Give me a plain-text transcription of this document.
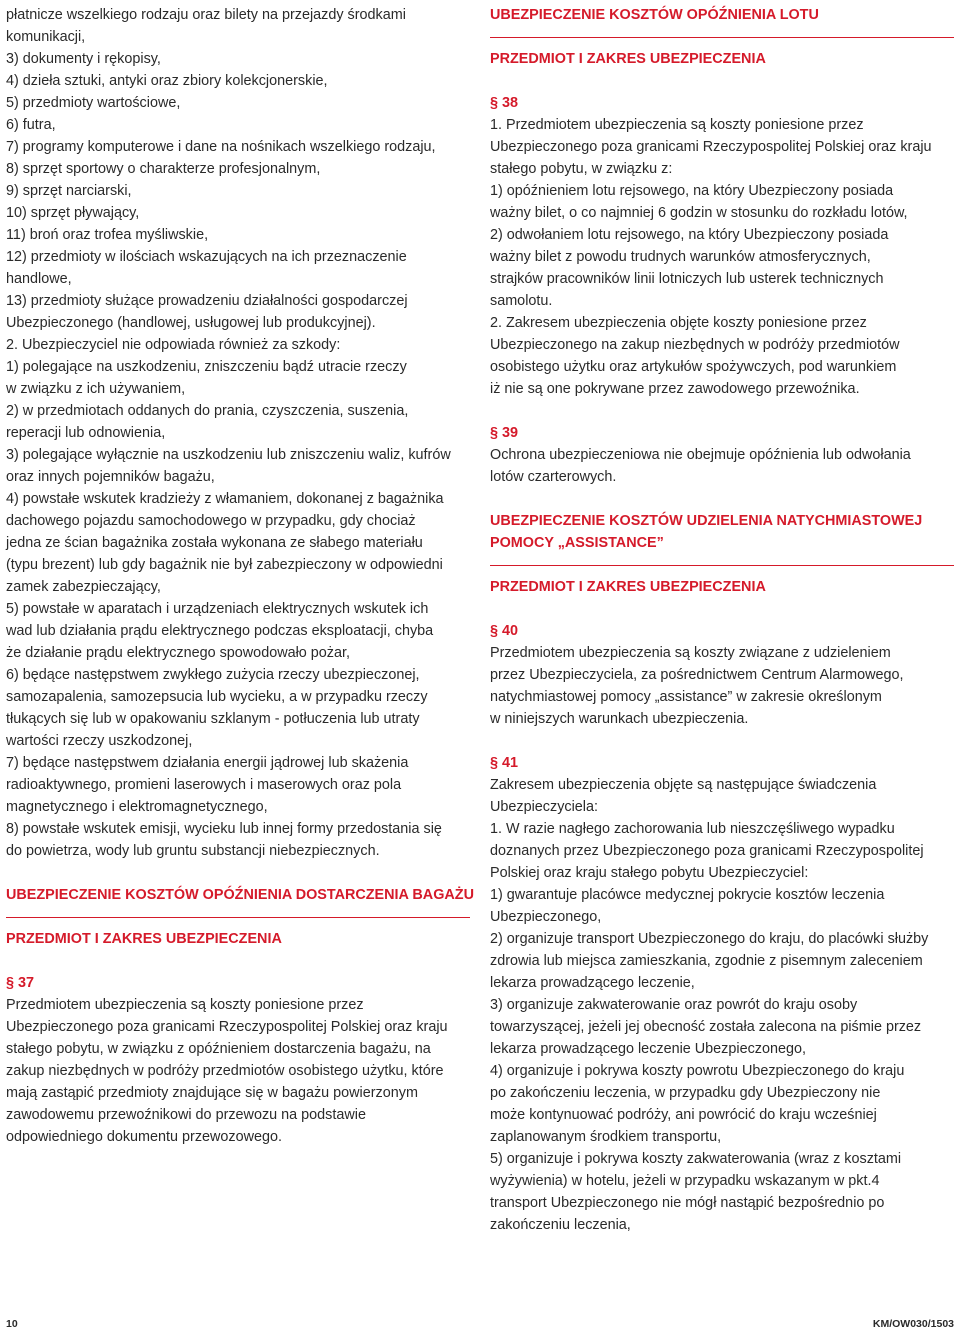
płatnicze wszelkiego rodzaju oraz bilety na przejazdy środkami
komunikacji,
3) dokumenty i rękopisy,
4) dzieła sztuki, antyki oraz zbiory kolekcjonerskie,
5) przedmioty wartościowe,
6) futra,
7) programy komputerowe i dane na nośnikach wszelkiego rodzaju,
8) sprzęt sportowy o charakterze profesjonalnym,
9) sprzęt narciarski,
10) sprzęt pływający,
11) broń oraz trofea myśliwskie,
12) przedmioty w ilościach wskazujących na ich przeznaczenie
handlowe,
13) przedmioty służące prowadzeniu działalności gospodarczej
Ubezpieczonego (handlowej, usługowej lub produkcyjnej).
2. Ubezpieczyciel nie odpowiada również za szkody:
1) polegające na uszkodzeniu, zniszczeniu bądź utracie rzeczy
w związku z ich używaniem,
2) w przedmiotach oddanych do prania, czyszczenia, suszenia,
reperacji lub odnowienia,
3) polegające wyłącznie na uszkodzeniu lub zniszczeniu waliz, kufrów
oraz innych pojemników bagażu,
4) powstałe wskutek kradzieży z włamaniem, dokonanej z bagażnika
dachowego pojazdu samochodowego w przypadku, gdy chociaż
jedna ze ścian bagażnika została wykonana ze słabego materiału
(typu brezent) lub gdy bagażnik nie był zabezpieczony w odpowiedni
zamek zabezpieczający,
5) powstałe w aparatach i urządzeniach elektrycznych wskutek ich
wad lub działania prądu elektrycznego podczas eksploatacji, chyba
że działanie prądu elektrycznego spowodowało pożar,
6) będące następstwem zwykłego zużycia rzeczy ubezpieczonej,
samozapalenia, samozepsucia lub wycieku, a w przypadku rzeczy
tłukących się lub w opakowaniu szklanym - potłuczenia lub utraty
wartości rzeczy uszkodzonej,
7) będące następstwem działania energii jądrowej lub skażenia
radioaktywnego, promieni laserowych i maserowych oraz pola
magnetycznego i elektromagnetycznego,
8) powstałe wskutek emisji, wycieku lub innej formy przedostania się
do powietrza, wody lub gruntu substancji niebezpiecznych.
UBEZPIECZENIE KOSZTÓW OPÓŹNIENIA DOSTARCZENIA BAGAŻU
PRZEDMIOT I ZAKRES UBEZPIECZENIA
§ 37
Przedmiotem ubezpieczenia są koszty poniesione przez
Ubezpieczonego poza granicami Rzeczypospolitej Polskiej oraz kraju
stałego pobytu, w związku z opóźnieniem dostarczenia bagażu, na
zakup niezbędnych w podróży przedmiotów osobistego użytku, które
mają zastąpić przedmioty znajdujące się w bagażu powierzonym
zawodowemu przewoźnikowi do przewozu na podstawie
odpowiedniego dokumentu przewozowego.
UBEZPIECZENIE KOSZTÓW OPÓŹNIENIA LOTU
PRZEDMIOT I ZAKRES UBEZPIECZENIA
§ 38
1. Przedmiotem ubezpieczenia są koszty poniesione przez
Ubezpieczonego poza granicami Rzeczypospolitej Polskiej oraz kraju
stałego pobytu, w związku z:
1) opóźnieniem lotu rejsowego, na który Ubezpieczony posiada
ważny bilet, o co najmniej 6 godzin w stosunku do rozkładu lotów,
2) odwołaniem lotu rejsowego, na który Ubezpieczony posiada
ważny bilet z powodu trudnych warunków atmosferycznych,
strajków pracowników linii lotniczych lub usterek technicznych
samolotu.
2. Zakresem ubezpieczenia objęte koszty poniesione przez
Ubezpieczonego na zakup niezbędnych w podróży przedmiotów
osobistego użytku oraz artykułów spożywczych, pod warunkiem
iż nie są one pokrywane przez zawodowego przewoźnika.
§ 39
Ochrona ubezpieczeniowa nie obejmuje opóźnienia lub odwołania
lotów czarterowych.
UBEZPIECZENIE KOSZTÓW UDZIELENIA NATYCHMIASTOWEJ
POMOCY „ASSISTANCE”
PRZEDMIOT I ZAKRES UBEZPIECZENIA
§ 40
Przedmiotem ubezpieczenia są koszty związane z udzieleniem
przez Ubezpieczyciela, za pośrednictwem Centrum Alarmowego,
natychmiastowej pomocy „assistance” w zakresie określonym
w niniejszych warunkach ubezpieczenia.
§ 41
Zakresem ubezpieczenia objęte są następujące świadczenia
Ubezpieczyciela:
1. W razie nagłego zachorowania lub nieszczęśliwego wypadku
doznanych przez Ubezpieczonego poza granicami Rzeczypospolitej
Polskiej oraz kraju stałego pobytu Ubezpieczyciel:
1) gwarantuje placówce medycznej pokrycie kosztów leczenia
Ubezpieczonego,
2) organizuje transport Ubezpieczonego do kraju, do placówki służby
zdrowia lub miejsca zamieszkania, zgodnie z pisemnym zaleceniem
lekarza prowadzącego leczenie,
3) organizuje zakwaterowanie oraz powrót do kraju osoby
towarzyszącej, jeżeli jej obecność została zalecona na piśmie przez
lekarza prowadzącego leczenie Ubezpieczonego,
4) organizuje i pokrywa koszty powrotu Ubezpieczonego do kraju
po zakończeniu leczenia, w przypadku gdy Ubezpieczony nie
może kontynuować podróży, ani powrócić do kraju wcześniej
zaplanowanym środkiem transportu,
5) organizuje i pokrywa koszty zakwaterowania (wraz z kosztami
wyżywienia) w hotelu, jeżeli w przypadku wskazanym w pkt.4
transport Ubezpieczonego nie mógł nastąpić bezpośrednio po
zakończeniu leczenia,
10	KM/OW030/1503
